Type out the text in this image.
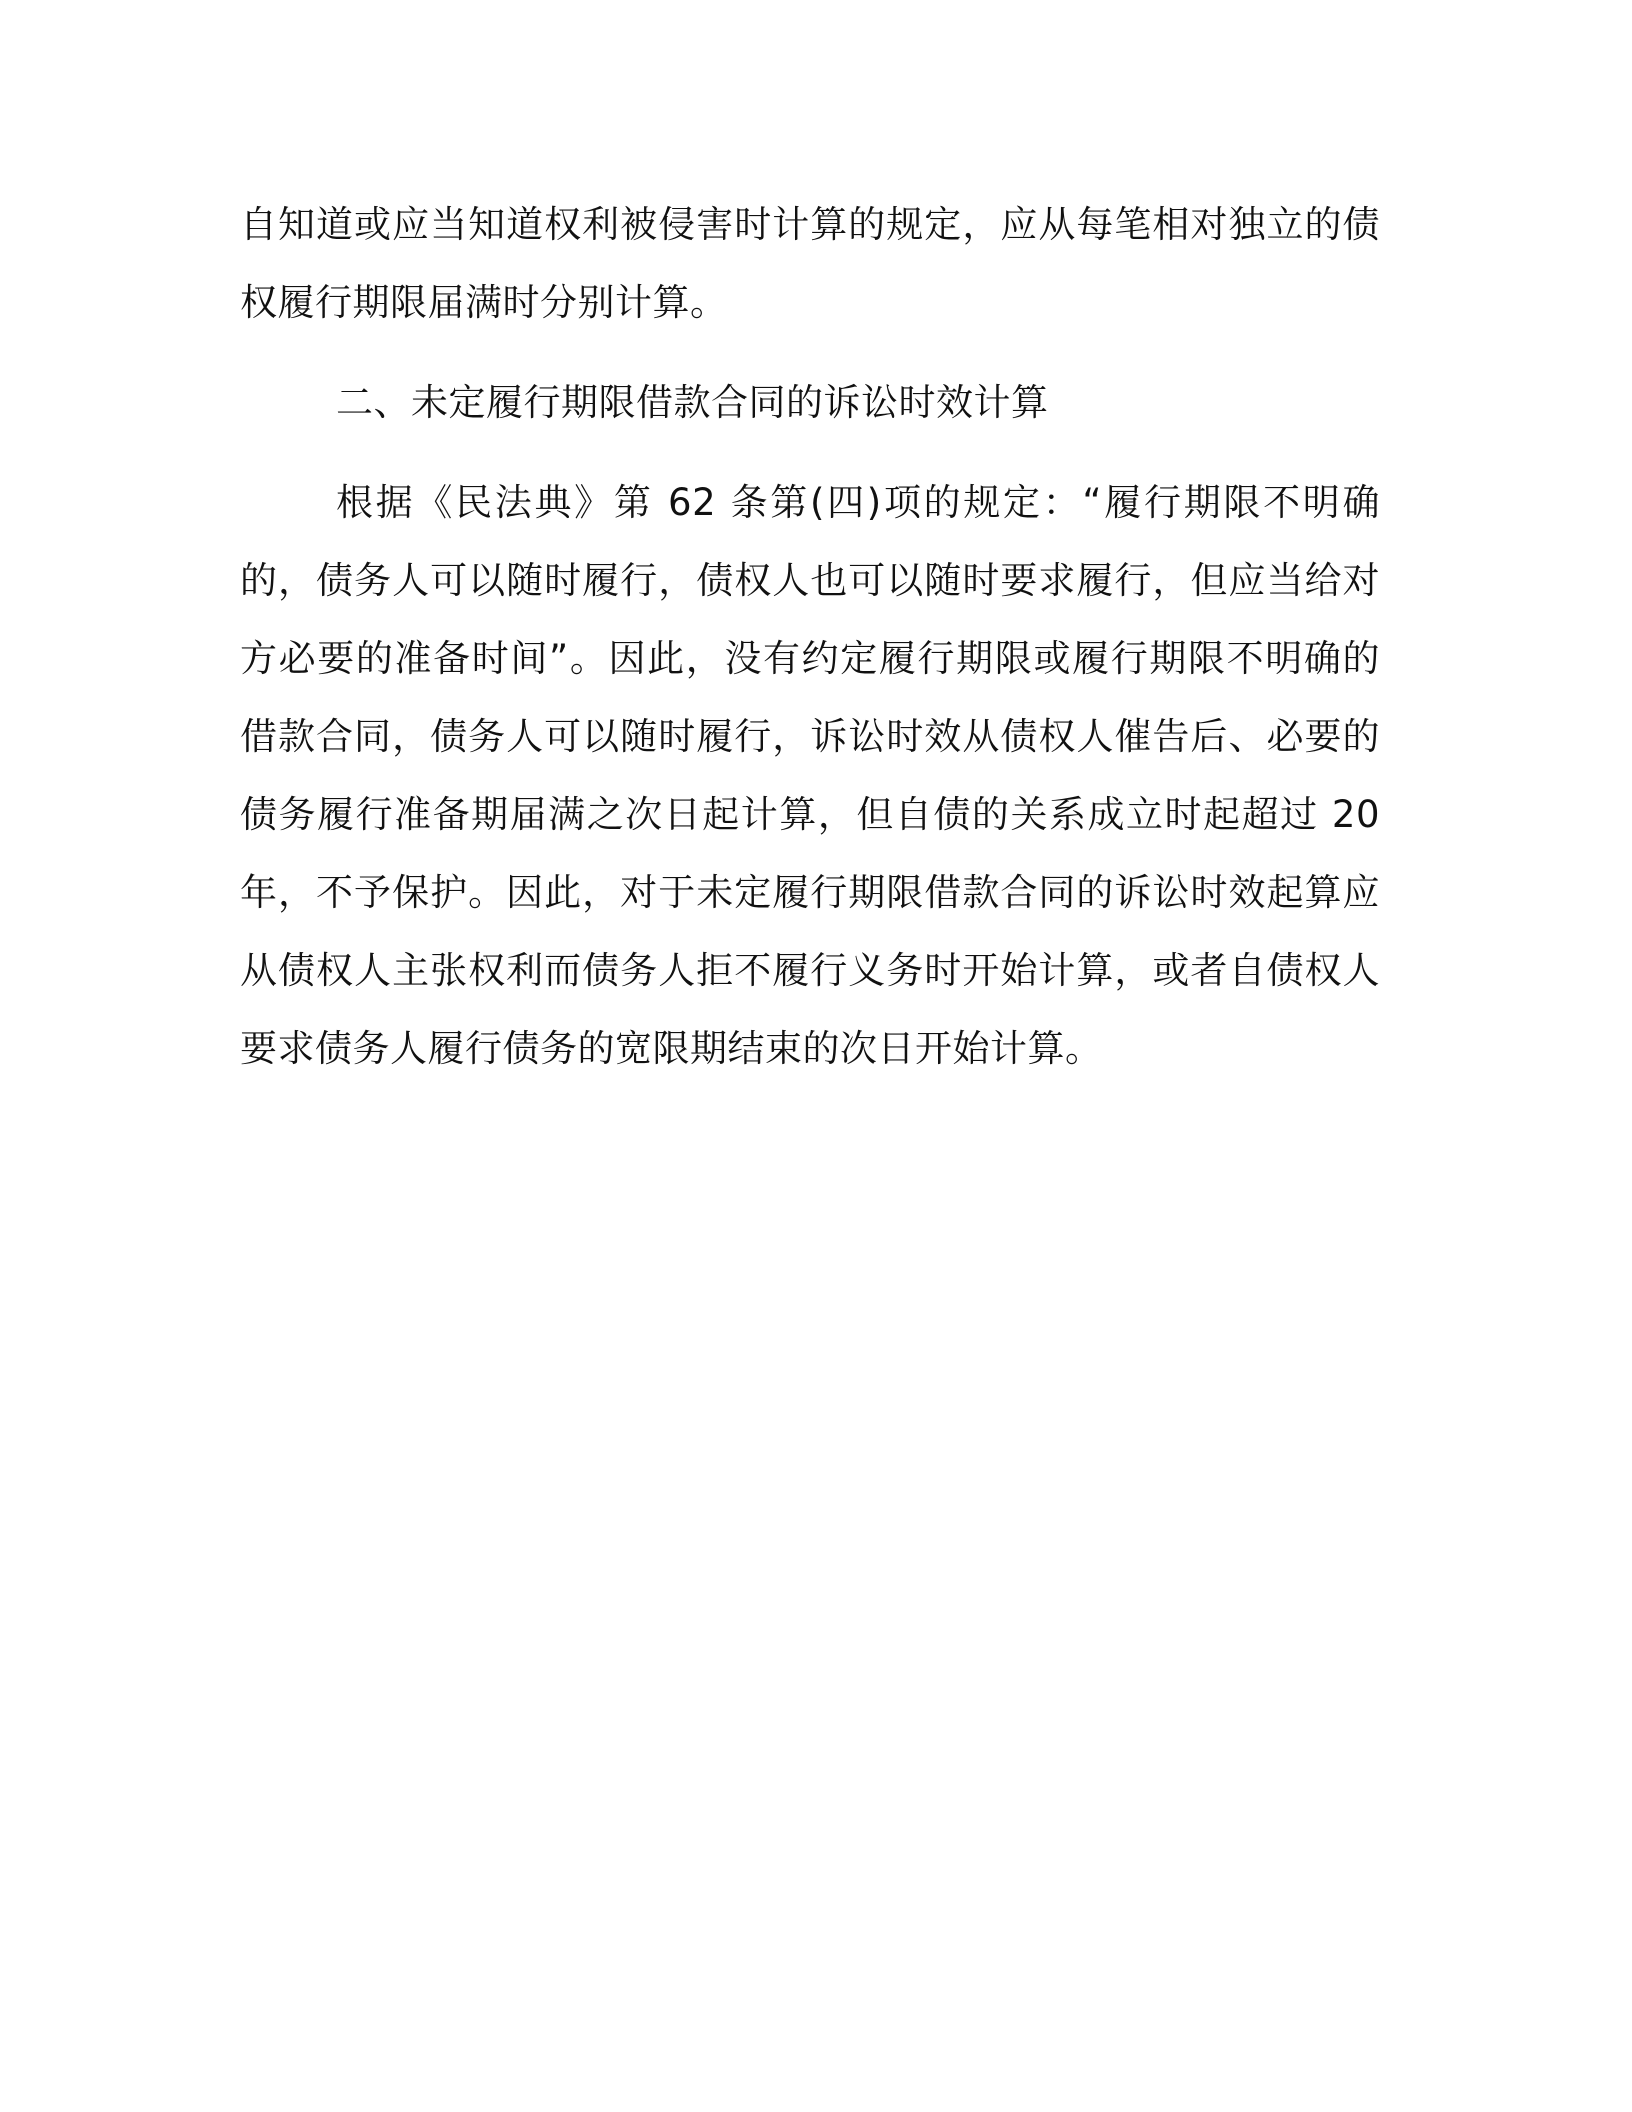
自知道或应当知道权利被侵害时计算的规定，应从每笔相对独立的债权履行期限届满时分别计算。

二、未定履行期限借款合同的诉讼时效计算

根据《民法典》第 62 条第(四)项的规定：“履行期限不明确的，债务人可以随时履行，债权人也可以随时要求履行，但应当给对方必要的准备时间”。因此，没有约定履行期限或履行期限不明确的借款合同，债务人可以随时履行，诉讼时效从债权人催告后、必要的债务履行准备期届满之次日起计算，但自债的关系成立时起超过 20 年，不予保护。因此，对于未定履行期限借款合同的诉讼时效起算应从债权人主张权利而债务人拒不履行义务时开始计算，或者自债权人要求债务人履行债务的宽限期结束的次日开始计算。
